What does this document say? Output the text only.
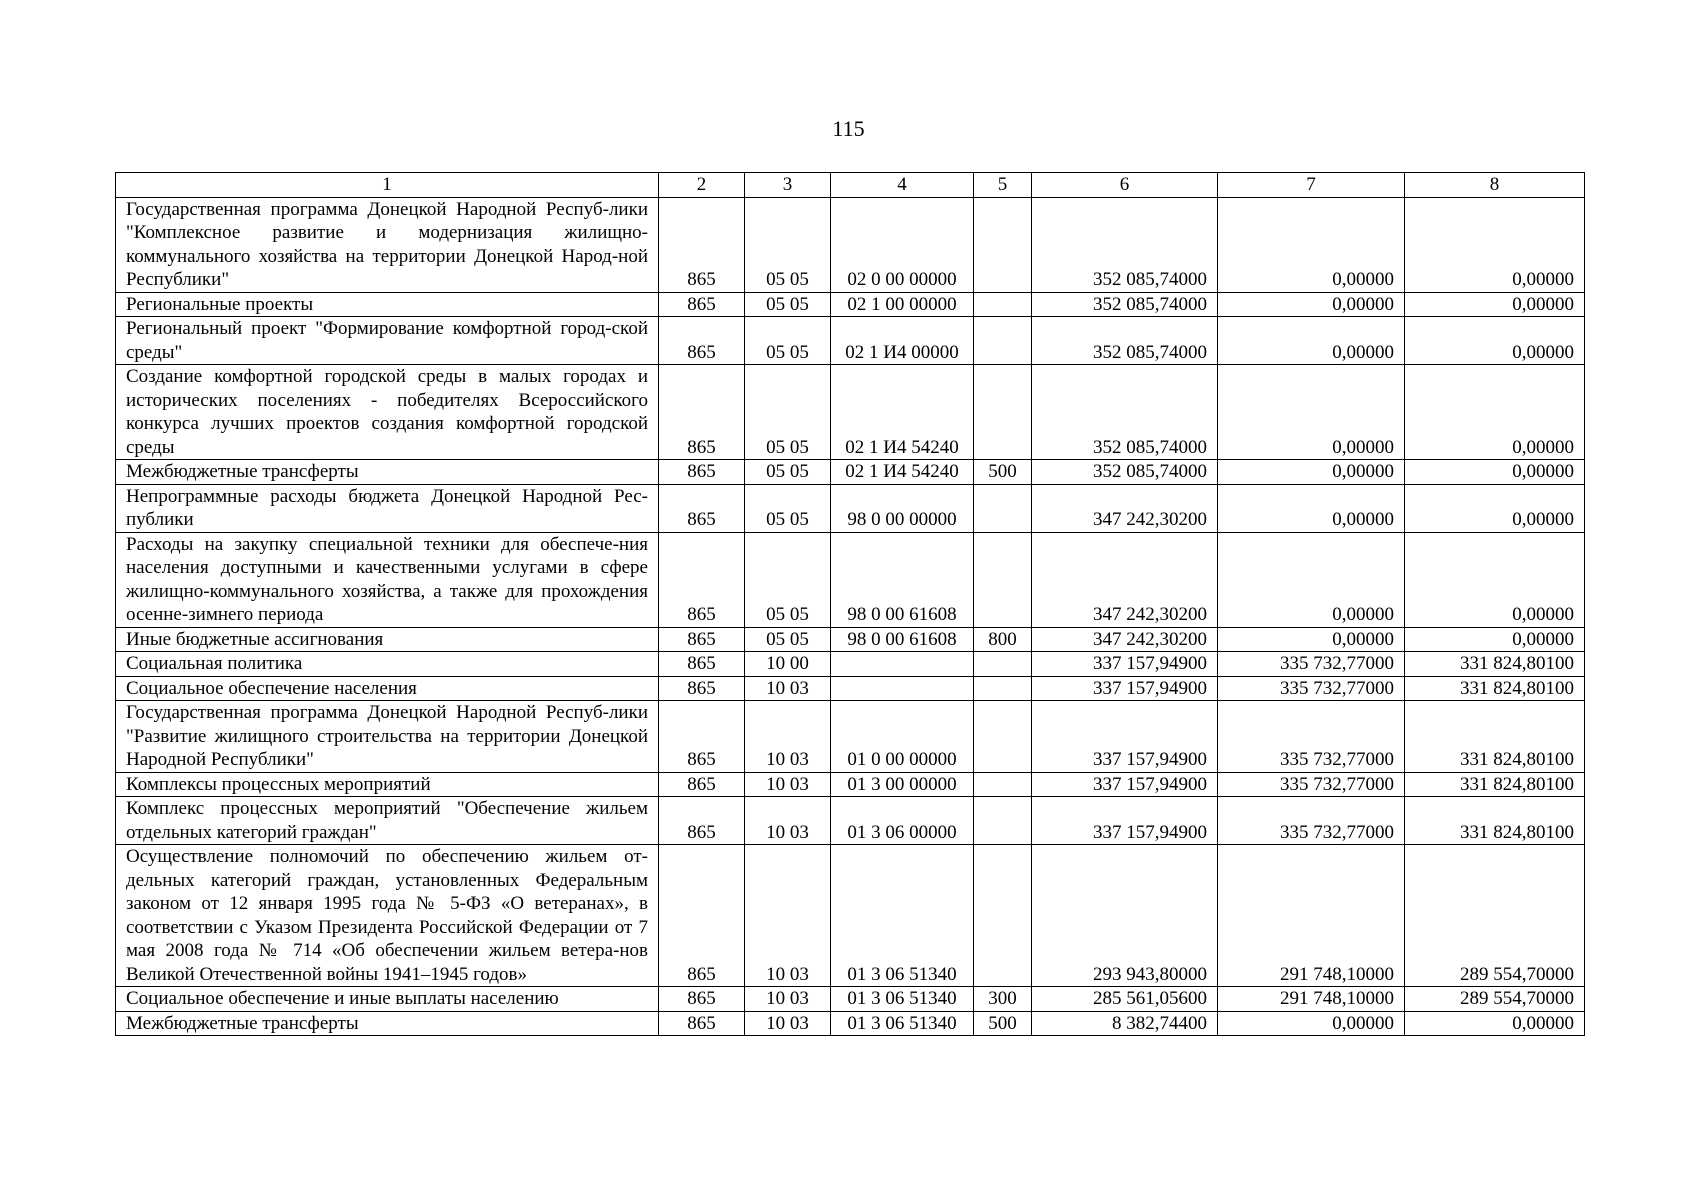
115
1	2	3	4	5	6	7	8
Государственная программа Донецкой Народной Респуб-лики "Комплексное развитие и модернизация жилищно-коммунального хозяйства на территории Донецкой Народ-ной Республики"	865	05 05	02 0 00 00000		352 085,74000	0,00000	0,00000
Региональные проекты	865	05 05	02 1 00 00000		352 085,74000	0,00000	0,00000
Региональный проект "Формирование комфортной город-ской среды"	865	05 05	02 1 И4 00000		352 085,74000	0,00000	0,00000
Создание комфортной городской среды в малых городах и исторических поселениях - победителях Всероссийского конкурса лучших проектов создания комфортной городской среды	865	05 05	02 1 И4 54240		352 085,74000	0,00000	0,00000
Межбюджетные трансферты	865	05 05	02 1 И4 54240	500	352 085,74000	0,00000	0,00000
Непрограммные расходы бюджета Донецкой Народной Рес-публики	865	05 05	98 0 00 00000		347 242,30200	0,00000	0,00000
Расходы на закупку специальной техники для обеспече-ния населения доступными и качественными услугами в сфере жилищно-коммунального хозяйства, а также для прохождения осенне-зимнего периода	865	05 05	98 0 00 61608		347 242,30200	0,00000	0,00000
Иные бюджетные ассигнования	865	05 05	98 0 00 61608	800	347 242,30200	0,00000	0,00000
Социальная политика	865	10 00			337 157,94900	335 732,77000	331 824,80100
Социальное обеспечение населения	865	10 03			337 157,94900	335 732,77000	331 824,80100
Государственная программа Донецкой Народной Респуб-лики "Развитие жилищного строительства на территории Донецкой Народной Республики"	865	10 03	01 0 00 00000		337 157,94900	335 732,77000	331 824,80100
Комплексы процессных мероприятий	865	10 03	01 3 00 00000		337 157,94900	335 732,77000	331 824,80100
Комплекс процессных мероприятий "Обеспечение жильем отдельных категорий граждан"	865	10 03	01 3 06 00000		337 157,94900	335 732,77000	331 824,80100
Осуществление полномочий по обеспечению жильем от-дельных категорий граждан, установленных Федеральным законом от 12 января 1995 года № 5-ФЗ «О ветеранах», в соответствии с Указом Президента Российской Федерации от 7 мая 2008 года № 714 «Об обеспечении жильем ветера-нов Великой Отечественной войны 1941–1945 годов»	865	10 03	01 3 06 51340		293 943,80000	291 748,10000	289 554,70000
Социальное обеспечение и иные выплаты населению	865	10 03	01 3 06 51340	300	285 561,05600	291 748,10000	289 554,70000
Межбюджетные трансферты	865	10 03	01 3 06 51340	500	8 382,74400	0,00000	0,00000
